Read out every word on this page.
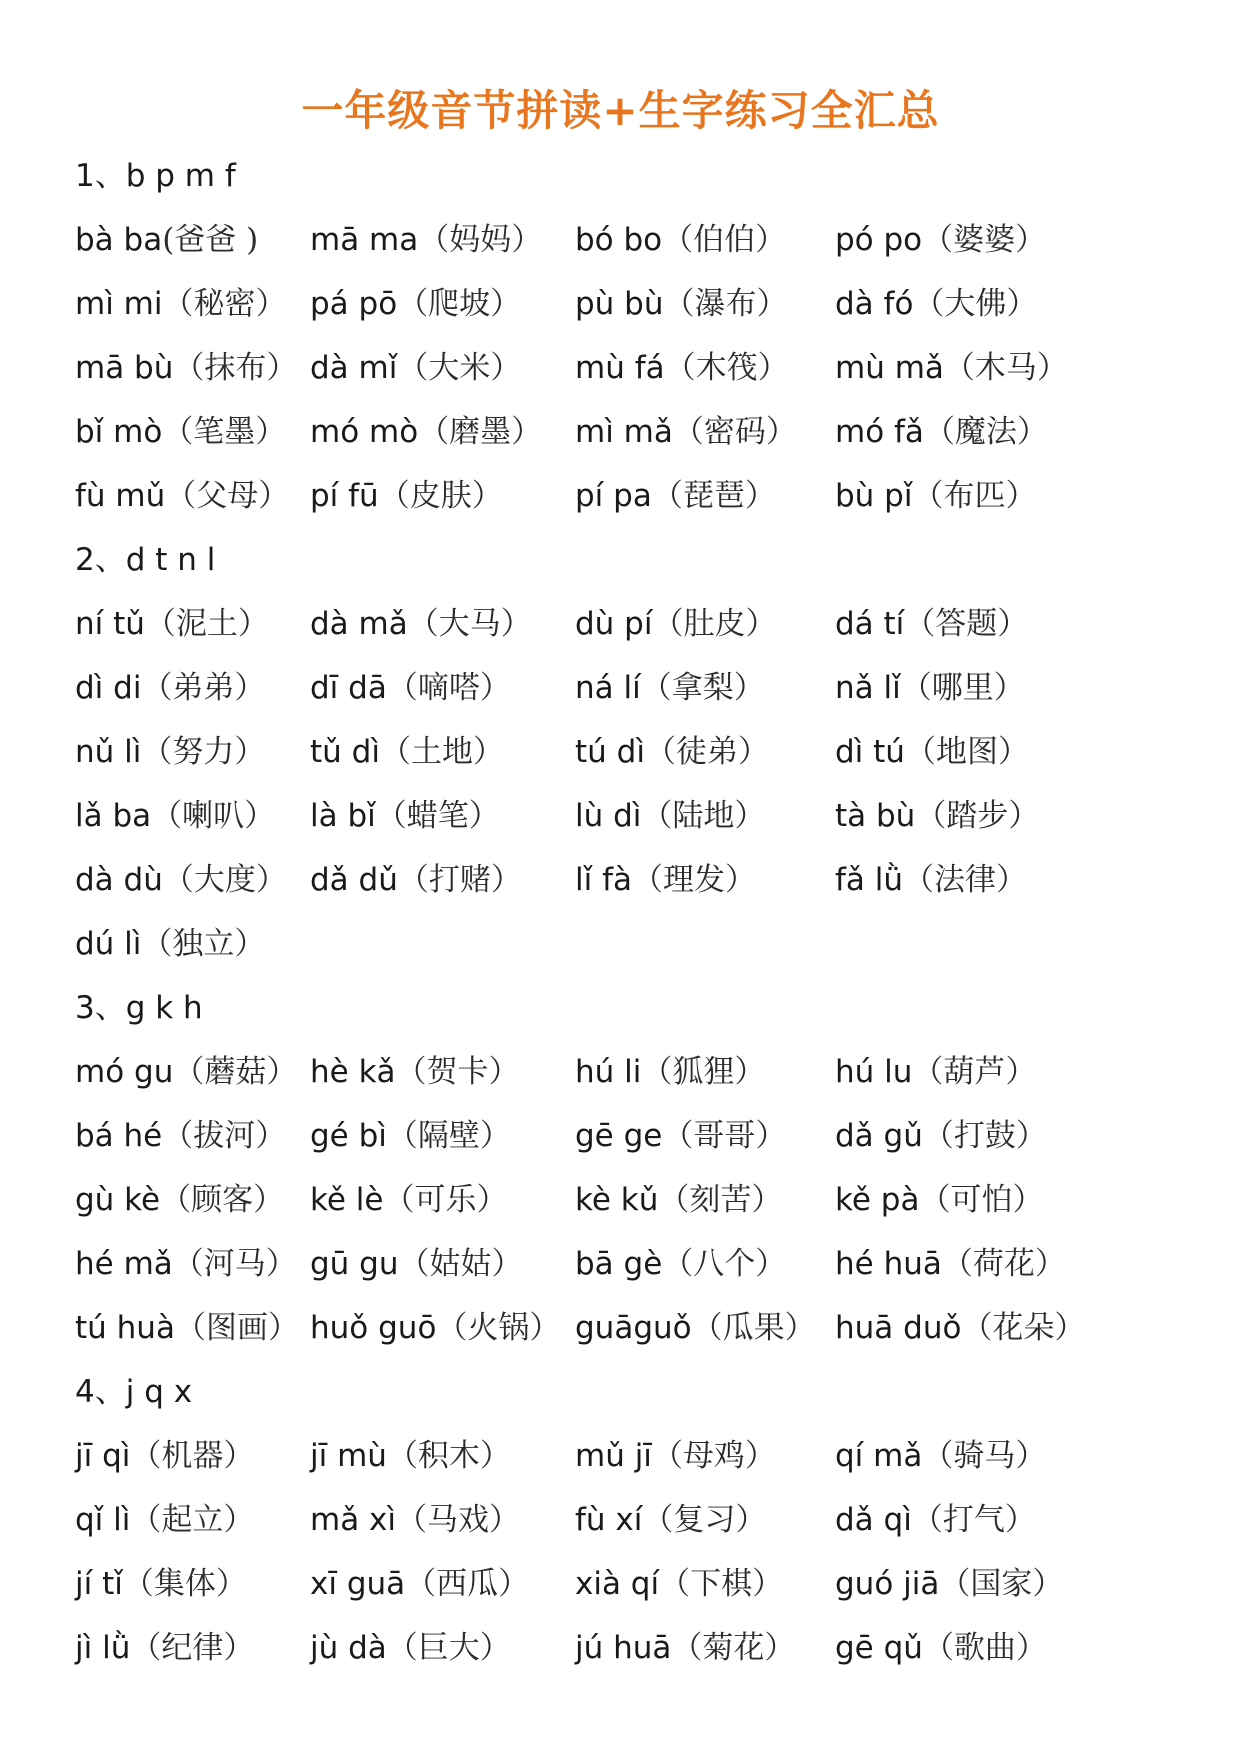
一年级音节拼读+生字练习全汇总
1、b p m f
bà ba(爸爸 ) mā ma（妈妈） bó bo（伯伯） pó po（婆婆）
mì mi（秘密） pá pō（爬坡） pù bù（瀑布） dà fó（大佛）
mā bù（抹布） dà mǐ（大米） mù fá（木筏） mù mǎ（木马）
bǐ mò（笔墨） mó mò（磨墨） mì mǎ（密码） mó fǎ（魔法）
fù mǔ（父母） pí fū（皮肤） pí pa（琵琶） bù pǐ（布匹）
2、d t n l
ní tǔ（泥土） dà mǎ（大马） dù pí（肚皮） dá tí（答题）
dì di（弟弟） dī dā（嘀嗒） ná lí（拿梨） nǎ lǐ（哪里）
nǔ lì（努力） tǔ dì（土地） tú dì（徒弟） dì tú（地图）
lǎ ba（喇叭） là bǐ（蜡笔） lù dì（陆地） tà bù（踏步）
dà dù（大度） dǎ dǔ（打赌） lǐ fà（理发）	fǎ lǜ（法律）
dú lì（独立）
3、g k h
mó gu（蘑菇） hè kǎ（贺卡） hú li（狐狸） hú lu（葫芦）
bá hé（拔河） gé bì（隔壁） gē ge（哥哥） dǎ gǔ（打鼓）
gù kè（顾客） kě lè（可乐） kè kǔ（刻苦） kě pà（可怕）
hé mǎ（河马） gū gu（姑姑） bā gè（八个） hé huā（荷花）
tú huà（图画） huǒ guō（火锅） guāguǒ（瓜果） huā duǒ（花朵）
4、j q x
jī qì（机器） jī mù（积木） mǔ jī（母鸡） qí mǎ（骑马）
qǐ lì（起立） mǎ xì（马戏） fù xí（复习） dǎ qì（打气）
jí tǐ（集体） xī guā（西瓜） xià qí（下棋） guó jiā（国家）
jì lǜ（纪律） jù dà（巨大） jú huā（菊花） gē qǔ（歌曲）
